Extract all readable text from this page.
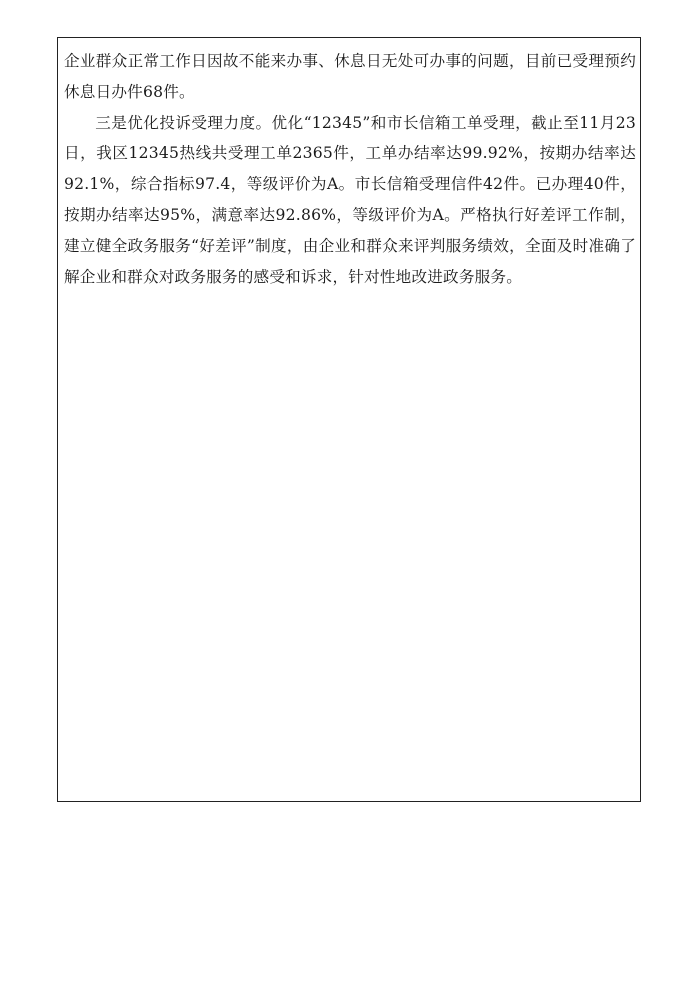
企业群众正常工作日因故不能来办事、休息日无处可办事的问题，目前已受理预约休息日办件68件。

三是优化投诉受理力度。优化“12345”和市长信箱工单受理，截止至11月23日，我区12345热线共受理工单2365件，工单办结率达99.92%，按期办结率达92.1%，综合指标97.4，等级评价为A。市长信箱受理信件42件。已办理40件，按期办结率达95%，满意率达92.86%，等级评价为A。严格执行好差评工作制，建立健全政务服务“好差评”制度，由企业和群众来评判服务绩效，全面及时准确了解企业和群众对政务服务的感受和诉求，针对性地改进政务服务。
